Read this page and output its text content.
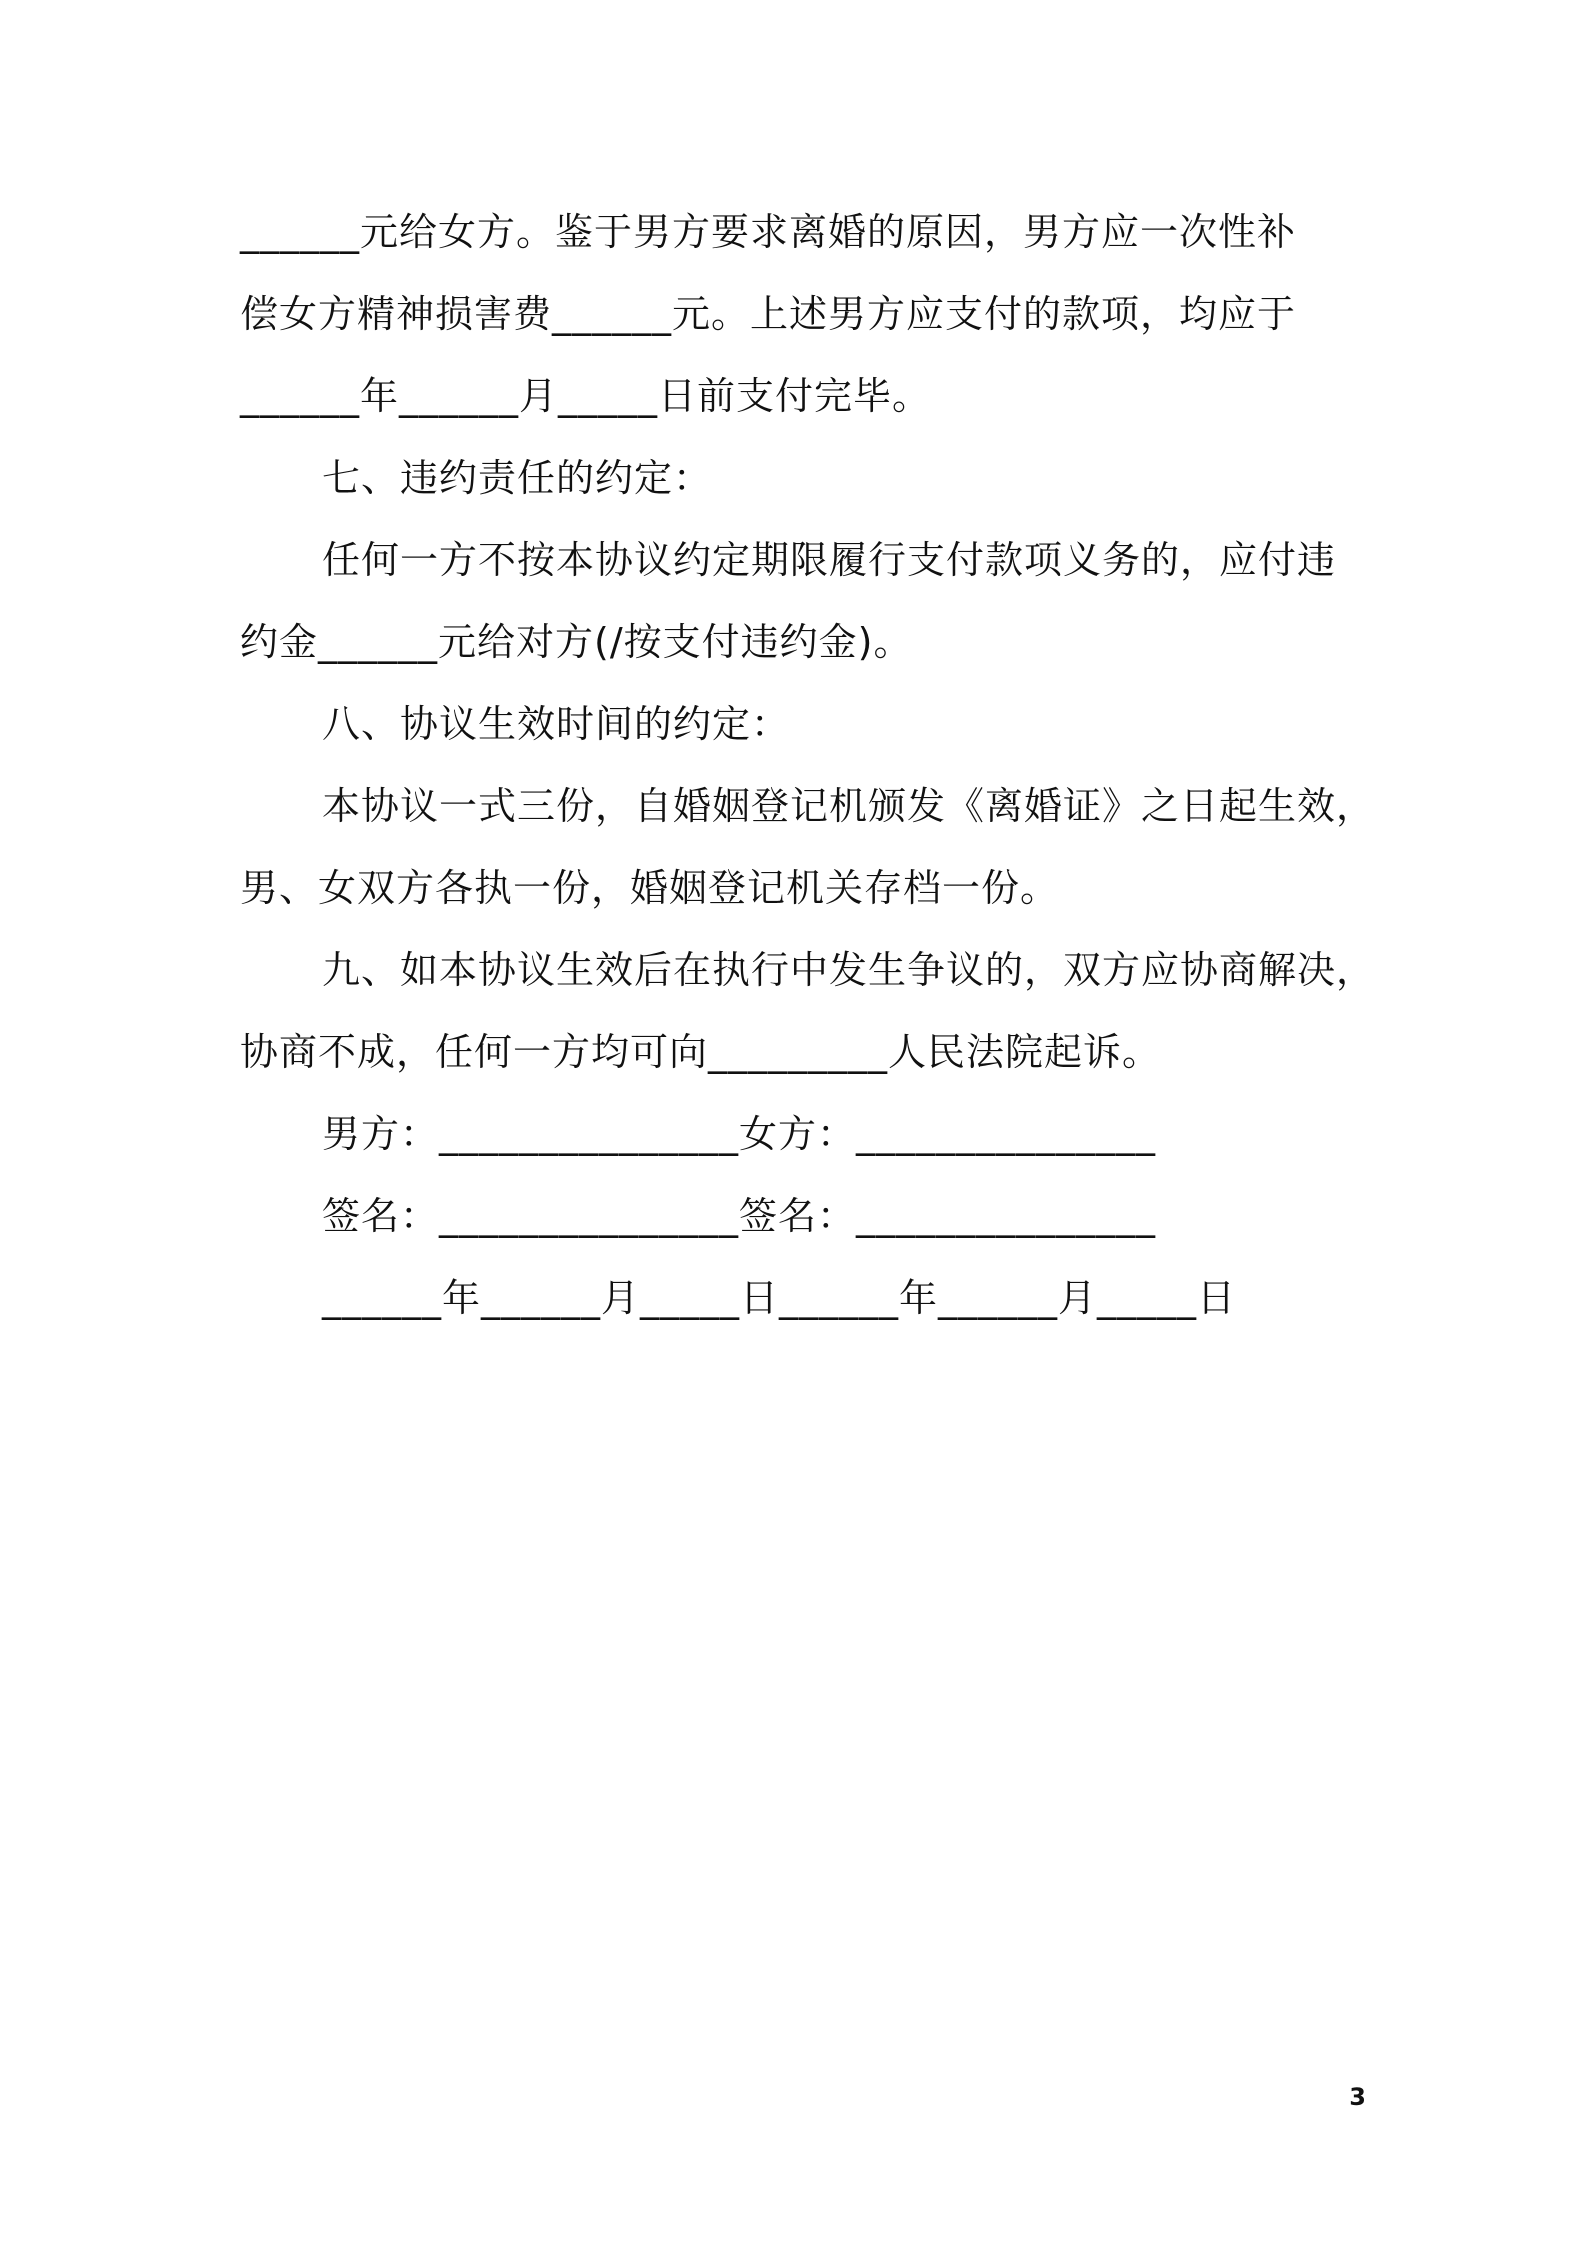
______元给女方。鉴于男方要求离婚的原因，男方应一次性补
偿女方精神损害费______元。上述男方应支付的款项，均应于
______年______月_____日前支付完毕。
七、违约责任的约定：
任何一方不按本协议约定期限履行支付款项义务的，应付违
约金______元给对方(/按支付违约金)。
八、协议生效时间的约定：
本协议一式三份，自婚姻登记机颁发《离婚证》之日起生效，
男、女双方各执一份，婚姻登记机关存档一份。
九、如本协议生效后在执行中发生争议的，双方应协商解决，
协商不成，任何一方均可向_________人民法院起诉。
男方：_______________女方：_______________
签名：_______________签名：_______________
______年______月_____日______年______月_____日
3
